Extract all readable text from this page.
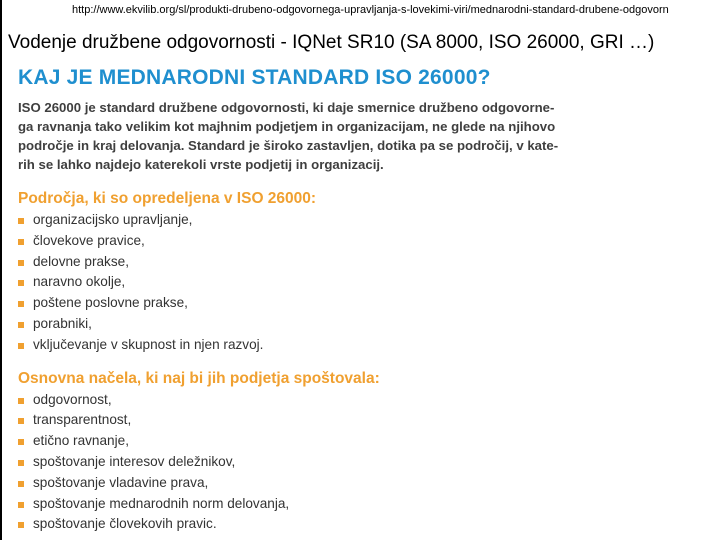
http://www.ekvilib.org/sl/produkti-drubeno-odgovornega-upravljanja-s-lovekimi-viri/mednarodni-standard-drubene-odgovorn
Vodenje družbene odgovornosti - IQNet SR10 (SA 8000, ISO 26000, GRI …)
KAJ JE MEDNARODNI STANDARD ISO 26000?
ISO 26000 je standard družbene odgovornosti, ki daje smernice družbeno odgovorne-
ga ravnanja tako velikim kot majhnim podjetjem in organizacijam, ne glede na njihovo
področje in kraj delovanja. Standard je široko zastavljen, dotika pa se področij, v kate-
rih se lahko najdejo katerekoli vrste podjetij in organizacij.
Področja, ki so opredeljena v ISO 26000:
organizacijsko upravljanje,
človekove pravice,
delovne prakse,
naravno okolje,
poštene poslovne prakse,
porabniki,
vključevanje v skupnost in njen razvoj.
Osnovna načela, ki naj bi jih podjetja spoštovala:
odgovornost,
transparentnost,
etično ravnanje,
spoštovanje interesov deležnikov,
spoštovanje vladavine prava,
spoštovanje mednarodnih norm delovanja,
spoštovanje človekovih pravic.
